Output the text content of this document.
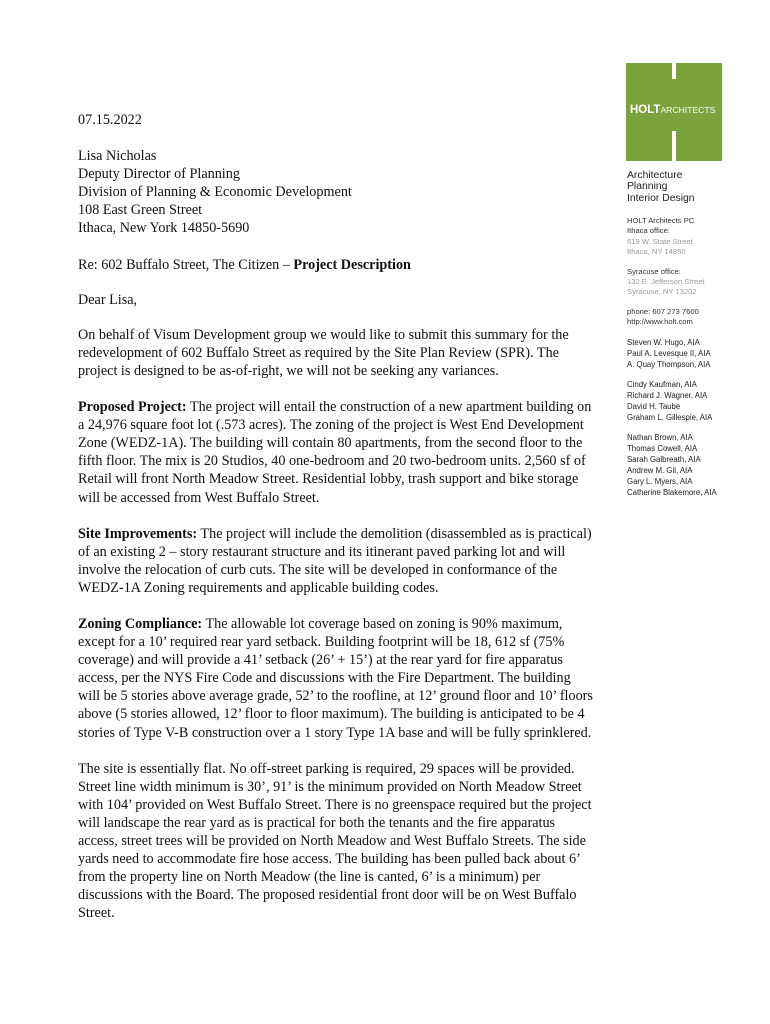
07.15.2022

Lisa Nicholas
Deputy Director of Planning
Division of Planning & Economic Development
108 East Green Street
Ithaca, New York 14850-5690

Re: 602 Buffalo Street, The Citizen – Project Description

Dear Lisa,

On behalf of Visum Development group we would like to submit this summary for the redevelopment of 602 Buffalo Street as required by the Site Plan Review (SPR). The project is designed to be as-of-right, we will not be seeking any variances.

Proposed Project: The project will entail the construction of a new apartment building on a 24,976 square foot lot (.573 acres). The zoning of the project is West End Development Zone (WEDZ-1A). The building will contain 80 apartments, from the second floor to the fifth floor. The mix is 20 Studios, 40 one-bedroom and 20 two-bedroom units. 2,560 sf of Retail will front North Meadow Street. Residential lobby, trash support and bike storage will be accessed from West Buffalo Street.

Site Improvements: The project will include the demolition (disassembled as is practical) of an existing 2 – story restaurant structure and its itinerant paved parking lot and will involve the relocation of curb cuts. The site will be developed in conformance of the WEDZ-1A Zoning requirements and applicable building codes.

Zoning Compliance: The allowable lot coverage based on zoning is 90% maximum, except for a 10’ required rear yard setback. Building footprint will be 18, 612 sf (75% coverage) and will provide a 41’ setback (26’ + 15’) at the rear yard for fire apparatus access, per the NYS Fire Code and discussions with the Fire Department. The building will be 5 stories above average grade, 52’ to the roofline, at 12’ ground floor and 10’ floors above (5 stories allowed, 12’ floor to floor maximum). The building is anticipated to be 4 stories of Type V-B construction over a 1 story Type 1A base and will be fully sprinklered.

The site is essentially flat. No off-street parking is required, 29 spaces will be provided. Street line width minimum is 30’, 91’ is the minimum provided on North Meadow Street with 104’ provided on West Buffalo Street. There is no greenspace required but the project will landscape the rear yard as is practical for both the tenants and the fire apparatus access, street trees will be provided on North Meadow and West Buffalo Streets. The side yards need to accommodate fire hose access. The building has been pulled back about 6’ from the property line on North Meadow (the line is canted, 6’ is a minimum) per discussions with the Board. The proposed residential front door will be on West Buffalo Street.

HOLTARCHITECTS
Architecture
Planning
Interior Design
HOLT Architects PC
Ithaca office:
619 W. State Street
Ithaca, NY 14850
Syracuse office:
132 E. Jefferson Street
Syracuse, NY 13202
phone: 607 273 7600
http://www.holt.com
Steven W. Hugo, AIA
Paul A. Levesque II, AIA
A. Quay Thompson, AIA
Cindy Kaufman, AIA
Richard J. Wagner, AIA
David H. Taube
Graham L. Gillespie, AIA
Nathan Brown, AIA
Thomas Cowell, AIA
Sarah Galbreath, AIA
Andrew M. Gil, AIA
Gary L. Myers, AIA
Catherine Blakemore, AIA
